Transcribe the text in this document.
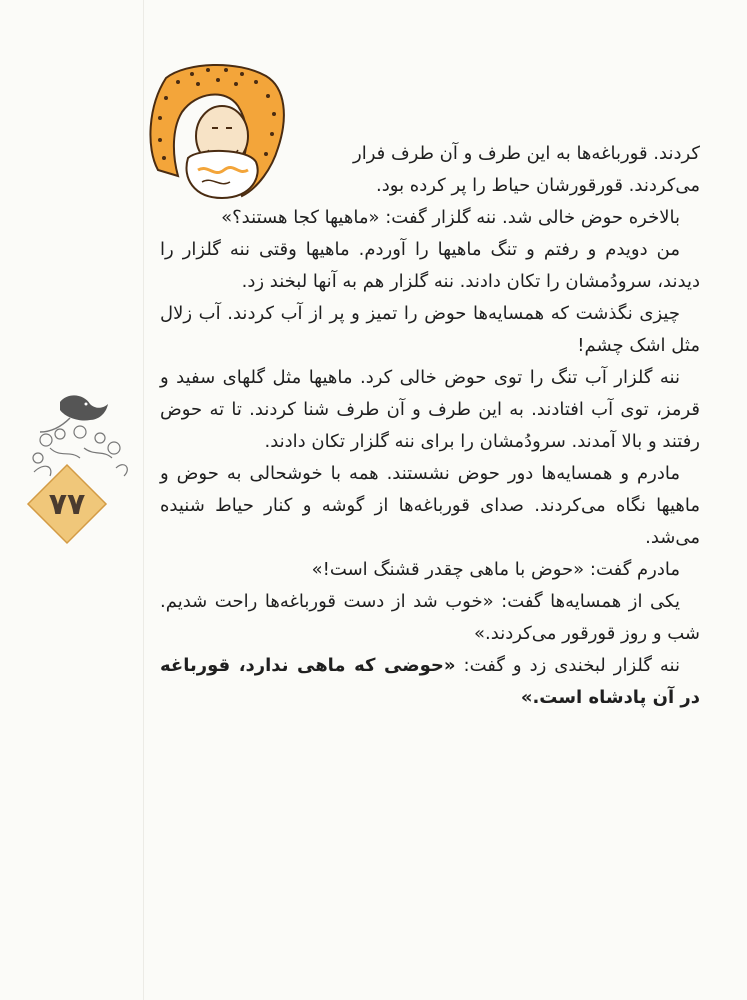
کردند. قورباغه‌ها به این طرف و آن طرف فرار
می‌کردند. قورقورشان حیاط را پر کرده بود.

بالاخره حوض خالی شد. ننه گلزار گفت: «ماهیها کجا هستند؟»

من دویدم و رفتم و تنگ ماهیها را آوردم. ماهیها وقتی ننه گلزار را دیدند، سرودُمشان را تکان دادند. ننه گلزار هم به آنها لبخند زد.

چیزی نگذشت که همسایه‌ها حوض را تمیز و پر از آب کردند. آب زلال مثل اشک چشم!

ننه گلزار آب تنگ را توی حوض خالی کرد. ماهیها مثل گلهای سفید و قرمز، توی آب افتادند. به این طرف و آن طرف شنا کردند. تا ته حوض رفتند و بالا آمدند. سرودُمشان را برای ننه گلزار تکان دادند.

مادرم و همسایه‌ها دور حوض نشستند. همه با خوشحالی به حوض و ماهیها نگاه می‌کردند. صدای قورباغه‌ها از گوشه و کنار حیاط شنیده می‌شد.

مادرم گفت: «حوض با ماهی چقدر قشنگ است!»

یکی از همسایه‌ها گفت: «خوب شد از دست قورباغه‌ها راحت شدیم. شب و روز قورقور می‌کردند.»

ننه گلزار لبخندی زد و گفت: «حوضی که ماهی ندارد، قورباغه در آن پادشاه است.»

۷۷
